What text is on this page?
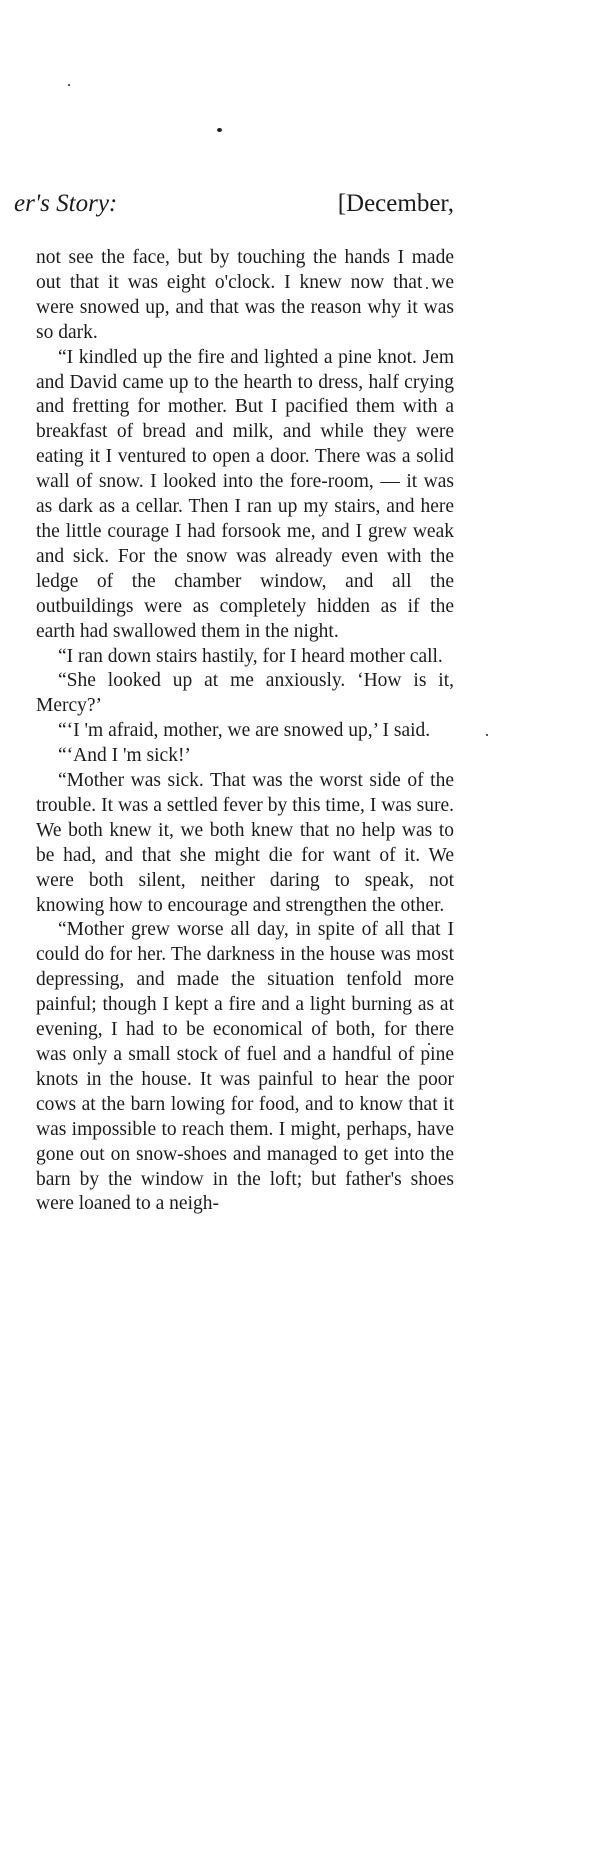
er's Story:	[December,

not see the face, but by touching the hands I made out that it was eight o'clock. I knew now that we were snowed up, and that was the reason why it was so dark.

“I kindled up the fire and lighted a pine knot. Jem and David came up to the hearth to dress, half crying and fretting for mother. But I pacified them with a breakfast of bread and milk, and while they were eating it I ventured to open a door. There was a solid wall of snow. I looked into the fore-room, — it was as dark as a cellar. Then I ran up my stairs, and here the little courage I had forsook me, and I grew weak and sick. For the snow was already even with the ledge of the chamber window, and all the outbuildings were as completely hidden as if the earth had swallowed them in the night.

“I ran down stairs hastily, for I heard mother call.

“She looked up at me anxiously. ‘How is it, Mercy?’

“‘I 'm afraid, mother, we are snowed up,’ I said.

“‘And I 'm sick!’

“Mother was sick. That was the worst side of the trouble. It was a settled fever by this time, I was sure. We both knew it, we both knew that no help was to be had, and that she might die for want of it. We were both silent, neither daring to speak, not knowing how to encourage and strengthen the other.

“Mother grew worse all day, in spite of all that I could do for her. The darkness in the house was most depressing, and made the situation tenfold more painful; though I kept a fire and a light burning as at evening, I had to be economical of both, for there was only a small stock of fuel and a handful of pine knots in the house. It was painful to hear the poor cows at the barn lowing for food, and to know that it was impossible to reach them. I might, perhaps, have gone out on snow-shoes and managed to get into the barn by the window in the loft; but father's shoes were loaned to a neigh-
